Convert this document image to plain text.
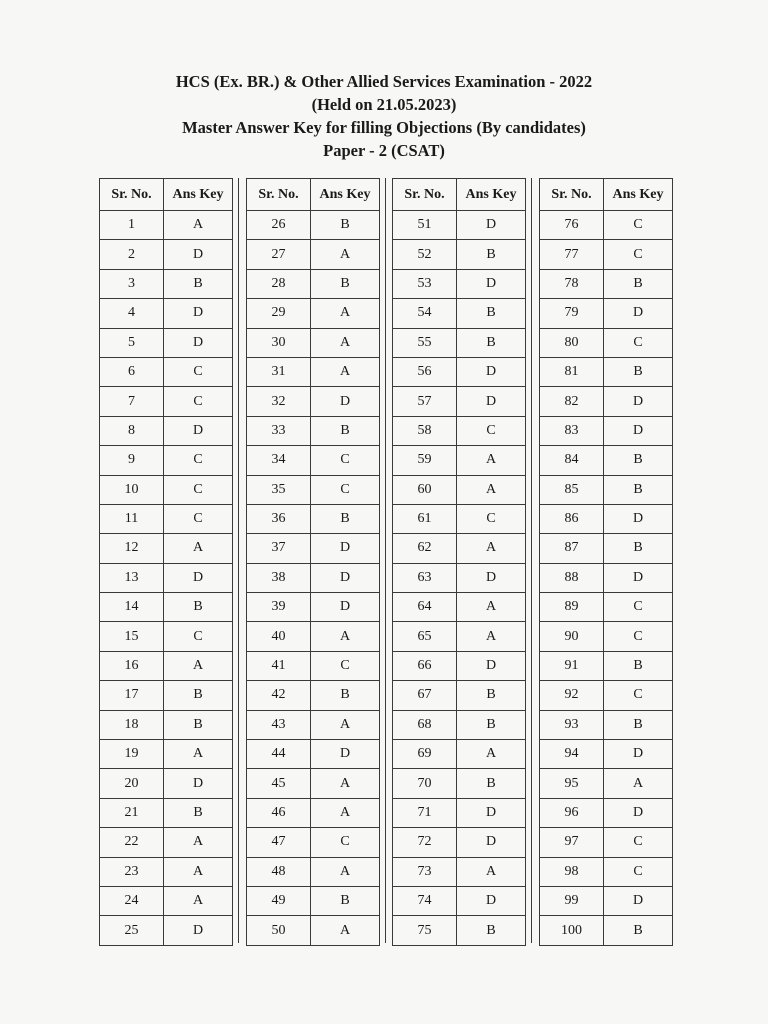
HCS (Ex. BR.) & Other Allied Services Examination - 2022
(Held on 21.05.2023)
Master Answer Key for filling Objections (By candidates)
Paper - 2 (CSAT)
Sr. No.	Ans Key
1	A
2	D
3	B
4	D
5	D
6	C
7	C
8	D
9	C
10	C
11	C
12	A
13	D
14	B
15	C
16	A
17	B
18	B
19	A
20	D
21	B
22	A
23	A
24	A
25	D
Sr. No.	Ans Key
26	B
27	A
28	B
29	A
30	A
31	A
32	D
33	B
34	C
35	C
36	B
37	D
38	D
39	D
40	A
41	C
42	B
43	A
44	D
45	A
46	A
47	C
48	A
49	B
50	A
Sr. No.	Ans Key
51	D
52	B
53	D
54	B
55	B
56	D
57	D
58	C
59	A
60	A
61	C
62	A
63	D
64	A
65	A
66	D
67	B
68	B
69	A
70	B
71	D
72	D
73	A
74	D
75	B
Sr. No.	Ans Key
76	C
77	C
78	B
79	D
80	C
81	B
82	D
83	D
84	B
85	B
86	D
87	B
88	D
89	C
90	C
91	B
92	C
93	B
94	D
95	A
96	D
97	C
98	C
99	D
100	B
